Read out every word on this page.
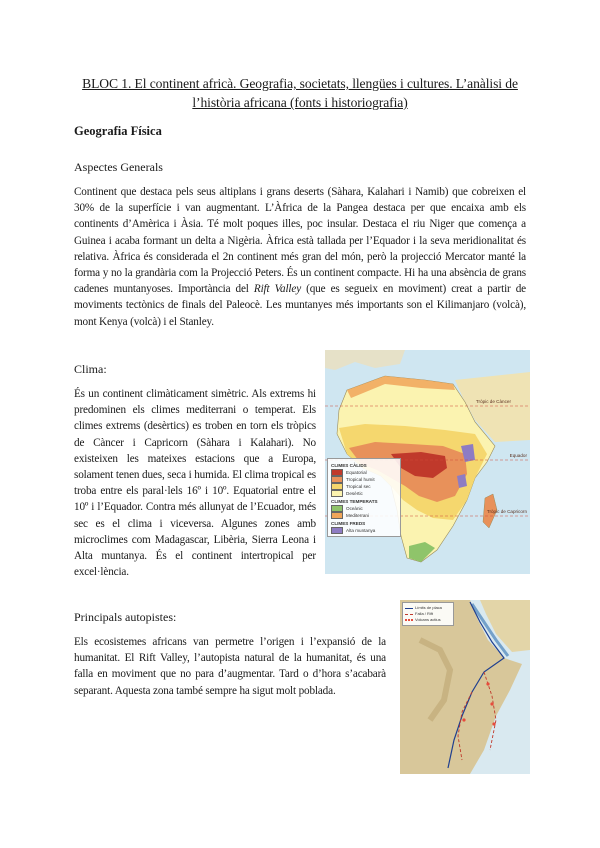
BLOC 1. El continent africà. Geografia, societats, llengües i cultures. L’anàlisi de l’història africana (fonts i historiografia)
Geografia Física
Aspectes Generals
Continent que destaca pels seus altiplans i grans deserts (Sàhara, Kalahari i Namib) que cobreixen el 30% de la superfície i van augmentant. L’Àfrica de la Pangea destaca per que encaixa amb els continents d’Amèrica i Àsia. Té molt poques illes, poc insular. Destaca el riu Niger que comença a Guinea i acaba formant un delta a Nigèria. Àfrica està tallada per l’Equador i la seva meridionalitat és relativa. Àfrica és considerada el 2n continent més gran del món, però la projecció Mercator manté la forma y no la grandària com la Projecció Peters. És un continent compacte. Hi ha una absència de grans cadenes muntanyoses. Importància del Rift Valley (que es segueix en moviment) creat a partir de moviments tectònics de finals del Paleocè. Les muntanyes més importants son el Kilimanjaro (volcà), mont Kenya (volcà) i el Stanley.
Clima:
És un continent climàticament simètric. Als extrems hi predominen els climes mediterrani o temperat. Els climes extrems (desèrtics) es troben en torn els tròpics de Càncer i Capricorn (Sàhara i Kalahari). No existeixen les mateixes estacions que a Europa, solament tenen dues, seca i humida. El clima tropical es troba entre els paral·lels 16º i 10º. Equatorial entre el 10º i l’Equador. Contra més allunyat de l’Ecuador, més sec es el clima i viceversa. Algunes zones amb microclimes com Madagascar, Libèria, Sierra Leona i Alta muntanya. És el continent intertropical per excel·lència.
Tròpic de Càncer
Equador
Tròpic de Capricorn
CLIMES CÀLIDS
Equatorial
Tropical humit
Tropical sec
Desèrtic
CLIMES TEMPERATS
Oceànic
Mediterrani
CLIMES FREDS
Alta muntanya
Principals autopistes:
Els ecosistemes africans van permetre l’origen i l’expansió de la humanitat. El Rift Valley, l’autopista natural de la humanitat, és una falla en moviment que no para d’augmentar. Tard o d’hora s’acabarà separant. Aquesta zona també sempre ha sigut molt poblada.
Límits de placa
Falla / Rift
Volcans actius
